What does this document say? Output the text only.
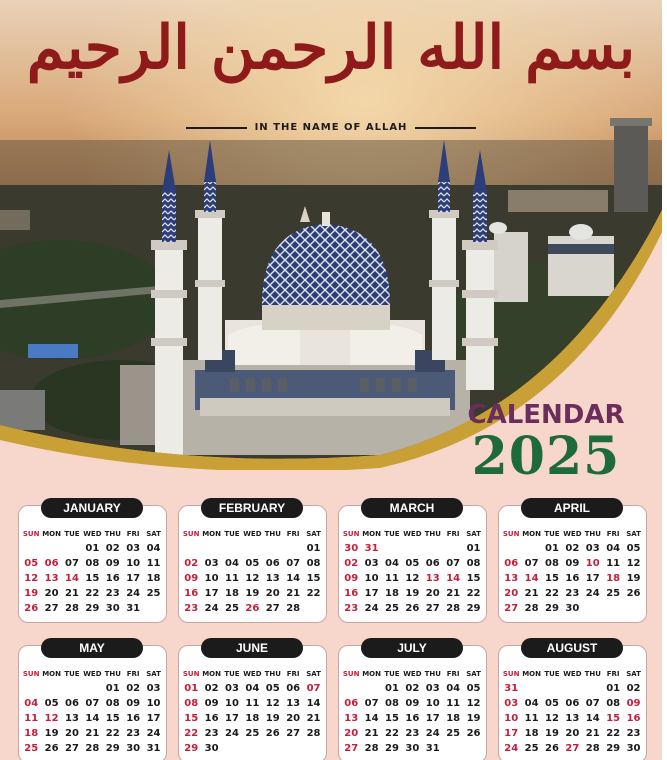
بسم الله الرحمن الرحيم
IN THE NAME OF ALLAH
CALENDAR
2025
JANUARY
SUN MON TUE WED THU FRI SAT
01 02 03 04
05 06 07 08 09 10 11
12 13 14 15 16 17 18
19 20 21 22 23 24 25
26 27 28 29 30 31
FEBRUARY
SUN MON TUE WED THU FRI SAT
01
02 03 04 05 06 07 08
09 10 11 12 13 14 15
16 17 18 19 20 21 22
23 24 25 26 27 28
MARCH
SUN MON TUE WED THU FRI SAT
30 31	01
02 03 04 05 06 07 08
09 10 11 12 13 14 15
16 17 18 19 20 21 22
23 24 25 26 27 28 29
APRIL
SUN MON TUE WED THU FRI SAT
01 02 03 04 05
06 07 08 09 10 11 12
13 14 15 16 17 18 19
20 21 22 23 24 25 26
27 28 29 30
MAY
SUN MON TUE WED THU FRI SAT
01 02 03
04 05 06 07 08 09 10
11 12 13 14 15 16 17
18 19 20 21 22 23 24
25 26 27 28 29 30 31
JUNE
SUN MON TUE WED THU FRI SAT
01 02 03 04 05 06 07
08 09 10 11 12 13 14
15 16 17 18 19 20 21
22 23 24 25 26 27 28
29 30
JULY
SUN MON TUE WED THU FRI SAT
01 02 03 04 05
06 07 08 09 10 11 12
13 14 15 16 17 18 19
20 21 22 23 24 25 26
27 28 29 30 31
AUGUST
SUN MON TUE WED THU FRI SAT
31	01 02
03 04 05 06 07 08 09
10 11 12 13 14 15 16
17 18 19 20 21 22 23
24 25 26 27 28 29 30
